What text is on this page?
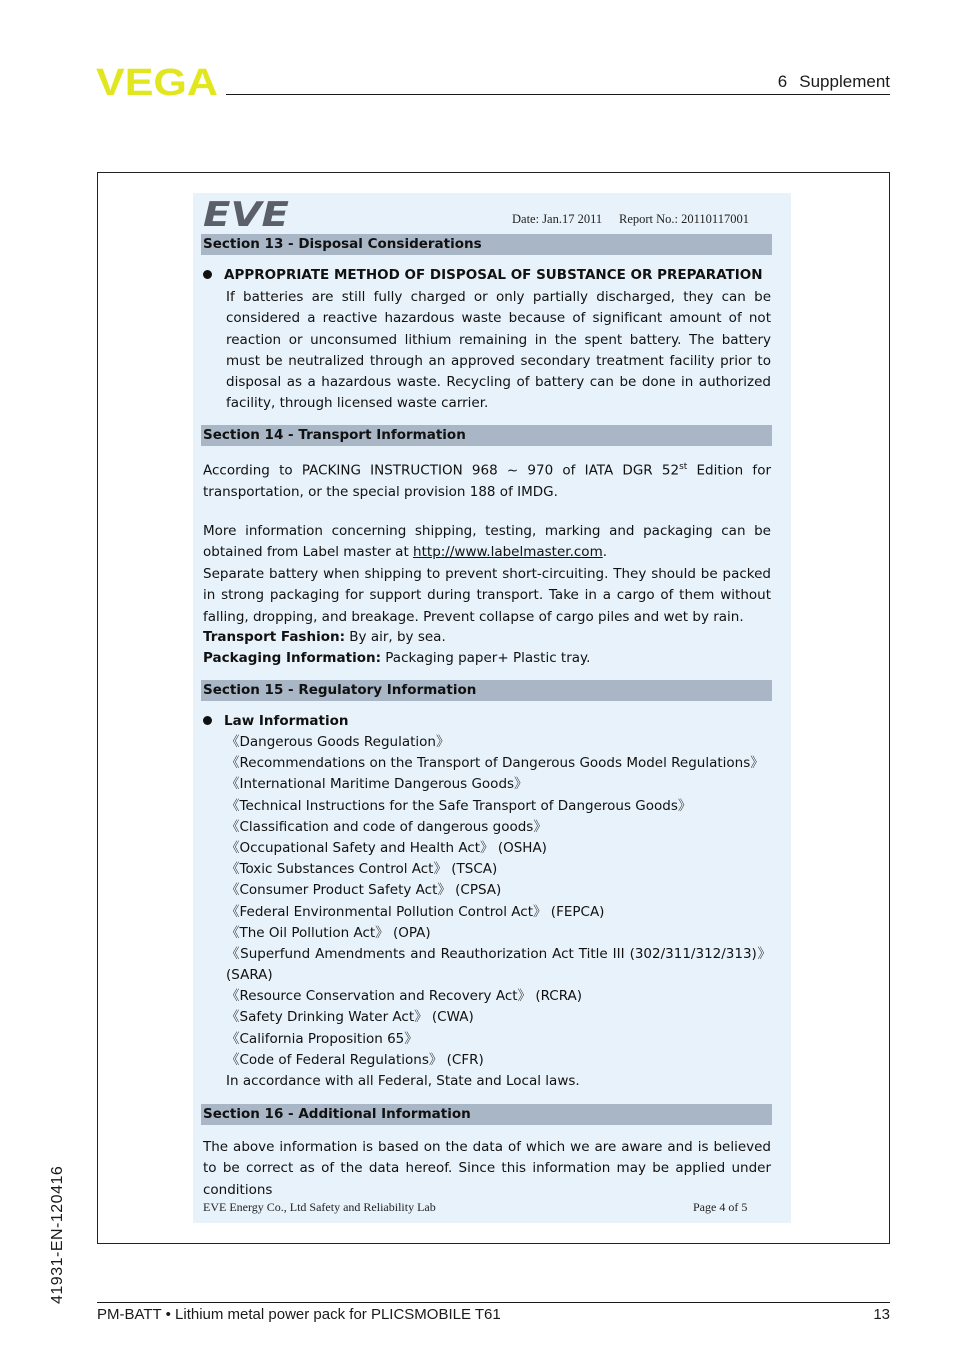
VEGA	6 Supplement
EVE	Date: Jan.17 2011 Report No.: 20110117001
Section 13 - Disposal Considerations
APPROPRIATE METHOD OF DISPOSAL OF SUBSTANCE OR PREPARATION

If batteries are still fully charged or only partially discharged, they can be considered a reactive hazardous waste because of significant amount of not reaction or unconsumed lithium remaining in the spent battery. The battery must be neutralized through an approved secondary treatment facility prior to disposal as a hazardous waste. Recycling of battery can be done in authorized facility, through licensed waste carrier.

Section 14 - Transport Information

According to PACKING INSTRUCTION 968 ~ 970 of IATA DGR 52st Edition for transportation, or the special provision 188 of IMDG.

More information concerning shipping, testing, marking and packaging can be obtained from Label master at http://www.labelmaster.com.

Separate battery when shipping to prevent short-circuiting. They should be packed in strong packaging for support during transport. Take in a cargo of them without falling, dropping, and breakage. Prevent collapse of cargo piles and wet by rain.

Transport Fashion: By air, by sea.
Packaging Information: Packaging paper+ Plastic tray.
Section 15 - Regulatory Information
Law Information
《Dangerous Goods Regulation》
《Recommendations on the Transport of Dangerous Goods Model Regulations》
《International Maritime Dangerous Goods》
《Technical Instructions for the Safe Transport of Dangerous Goods》
《Classification and code of dangerous goods》
《Occupational Safety and Health Act》 (OSHA)
《Toxic Substances Control Act》 (TSCA)
《Consumer Product Safety Act》 (CPSA)
《Federal Environmental Pollution Control Act》 (FEPCA)
《The Oil Pollution Act》 (OPA)
《Superfund Amendments and Reauthorization Act Title III (302/311/312/313)》 (SARA)
《Resource Conservation and Recovery Act》 (RCRA)
《Safety Drinking Water Act》 (CWA)
《California Proposition 65》
《Code of Federal Regulations》 (CFR)
In accordance with all Federal, State and Local laws.
Section 16 - Additional Information

The above information is based on the data of which we are aware and is believed to be correct as of the data hereof. Since this information may be applied under conditions

EVE Energy Co., Ltd Safety and Reliability Lab	Page 4 of 5
41931-EN-120416
PM-BATT • Lithium metal power pack for PLICSMOBILE T61	13
